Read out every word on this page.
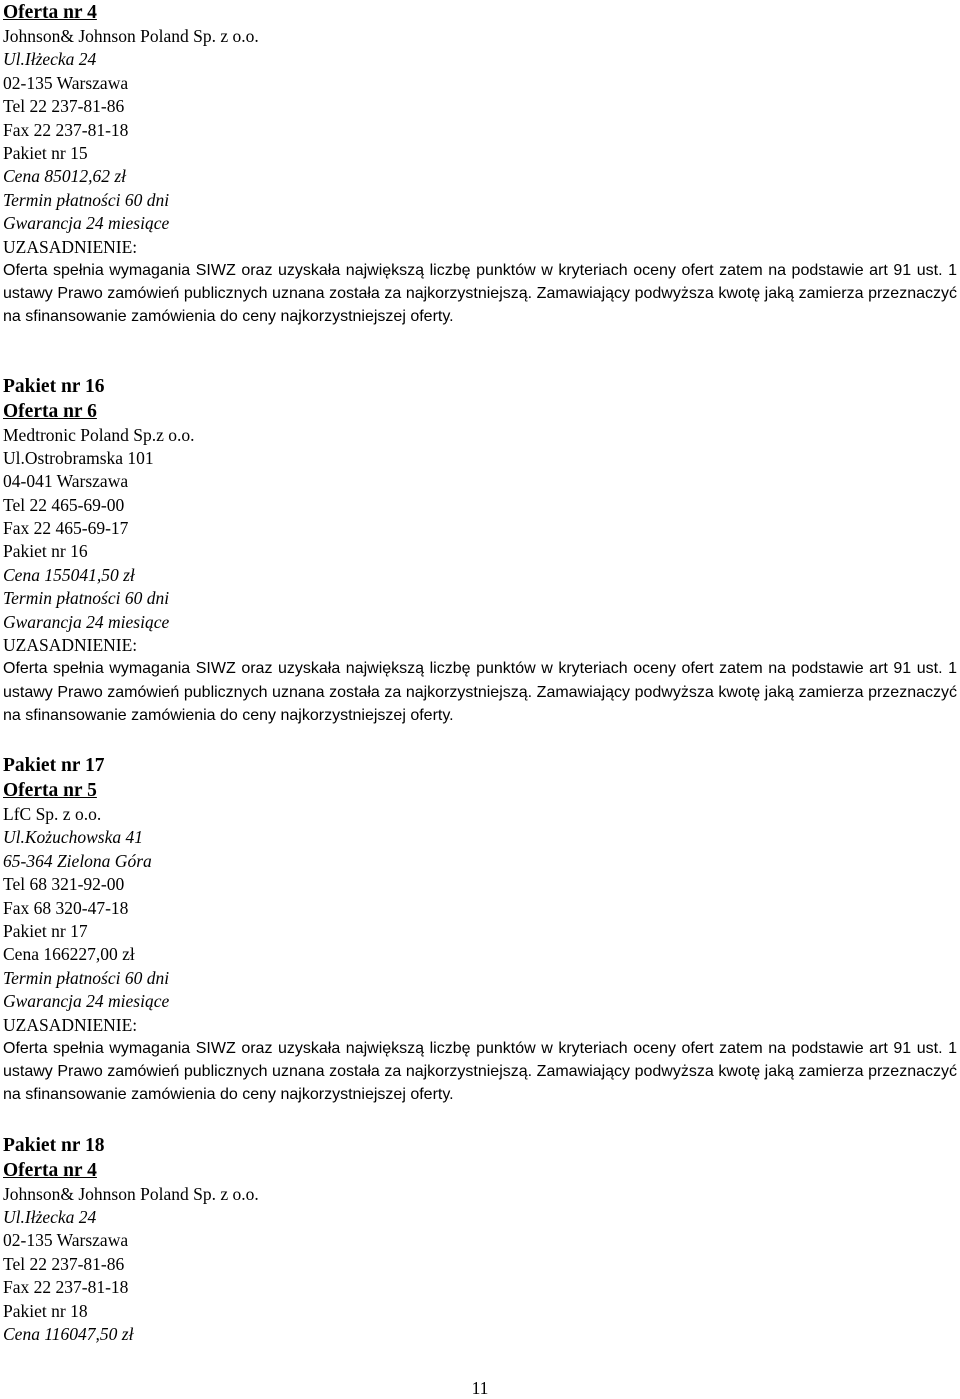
Oferta nr 4
Johnson& Johnson Poland Sp. z o.o.
Ul.Iłżecka 24
02-135 Warszawa
Tel 22 237-81-86
Fax 22 237-81-18
Pakiet nr 15
Cena 85012,62 zł
Termin płatności 60 dni
Gwarancja 24 miesiące
UZASADNIENIE:
Oferta spełnia wymagania SIWZ oraz uzyskała największą liczbę punktów w kryteriach oceny ofert zatem na podstawie art 91 ust. 1 ustawy Prawo zamówień publicznych uznana została za najkorzystniejszą. Zamawiający podwyższa kwotę jaką zamierza przeznaczyć na sfinansowanie zamówienia do ceny najkorzystniejszej oferty.
Pakiet nr 16
Oferta nr 6
Medtronic Poland Sp.z o.o.
Ul.Ostrobramska 101
04-041 Warszawa
Tel 22 465-69-00
Fax 22 465-69-17
Pakiet nr 16
Cena 155041,50 zł
Termin płatności 60 dni
Gwarancja 24 miesiące
UZASADNIENIE:
Oferta spełnia wymagania SIWZ oraz uzyskała największą liczbę punktów w kryteriach oceny ofert zatem na podstawie art 91 ust. 1 ustawy Prawo zamówień publicznych uznana została za najkorzystniejszą. Zamawiający podwyższa kwotę jaką zamierza przeznaczyć na sfinansowanie zamówienia do ceny najkorzystniejszej oferty.
Pakiet nr 17
Oferta nr 5
LfC Sp. z o.o.
Ul.Kożuchowska 41
65-364 Zielona Góra
Tel 68 321-92-00
Fax 68 320-47-18
Pakiet nr 17
Cena 166227,00 zł
Termin płatności 60 dni
Gwarancja 24 miesiące
UZASADNIENIE:
Oferta spełnia wymagania SIWZ oraz uzyskała największą liczbę punktów w kryteriach oceny ofert zatem na podstawie art 91 ust. 1 ustawy Prawo zamówień publicznych uznana została za najkorzystniejszą. Zamawiający podwyższa kwotę jaką zamierza przeznaczyć na sfinansowanie zamówienia do ceny najkorzystniejszej oferty.
Pakiet nr 18
Oferta nr 4
Johnson& Johnson Poland Sp. z o.o.
Ul.Iłżecka 24
02-135 Warszawa
Tel 22 237-81-86
Fax 22 237-81-18
Pakiet nr 18
Cena 116047,50 zł
11
